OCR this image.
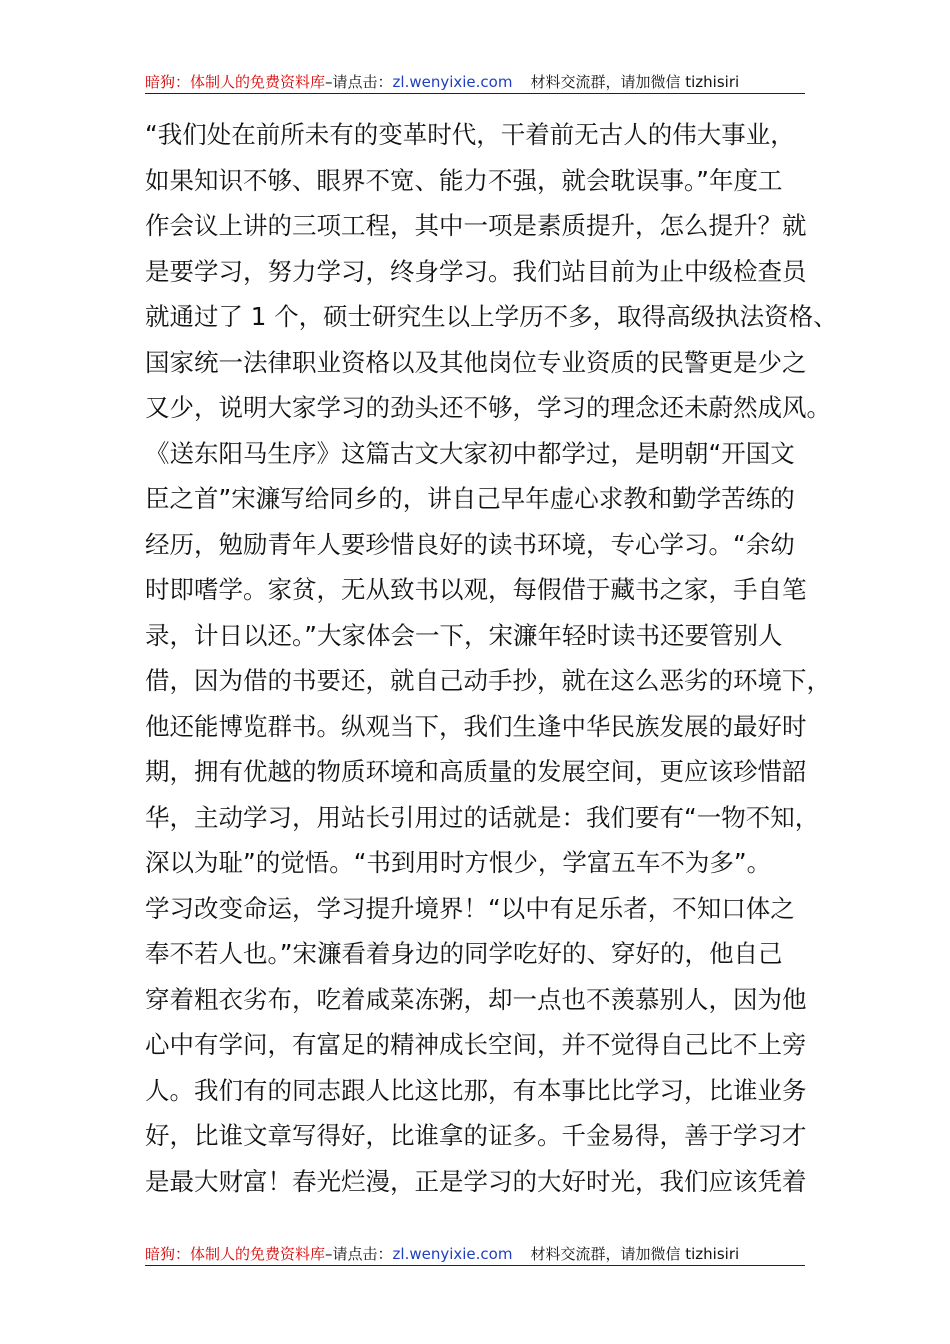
暗狗：体制人的免费资料库 –请点击： zl.wenyixie.com 材料交流群，请加微信 tizhisiri
“我们处在前所未有的变革时代，干着前无古人的伟大事业，
如果知识不够、眼界不宽、能力不强，就会耽误事。”年度工
作会议上讲的三项工程，其中一项是素质提升，怎么提升？就
是要学习，努力学习，终身学习。我们站目前为止中级检查员
就通过了 1 个，硕士研究生以上学历不多，取得高级执法资格、
国家统一法律职业资格以及其他岗位专业资质的民警更是少之
又少，说明大家学习的劲头还不够，学习的理念还未蔚然成风。
《送东阳马生序》这篇古文大家初中都学过，是明朝“开国文
臣之首”宋濂写给同乡的，讲自己早年虚心求教和勤学苦练的
经历，勉励青年人要珍惜良好的读书环境，专心学习。“余幼
时即嗜学。家贫，无从致书以观，每假借于藏书之家，手自笔
录，计日以还。”大家体会一下，宋濂年轻时读书还要管别人
借，因为借的书要还，就自己动手抄，就在这么恶劣的环境下，
他还能博览群书。纵观当下，我们生逢中华民族发展的最好时
期，拥有优越的物质环境和高质量的发展空间，更应该珍惜韶
华，主动学习，用站长引用过的话就是：我们要有“一物不知，
深以为耻”的觉悟。“书到用时方恨少，学富五车不为多”。
学习改变命运，学习提升境界！“以中有足乐者，不知口体之
奉不若人也。”宋濂看着身边的同学吃好的、穿好的，他自己
穿着粗衣劣布，吃着咸菜冻粥，却一点也不羡慕别人，因为他
心中有学问，有富足的精神成长空间，并不觉得自己比不上旁
人。我们有的同志跟人比这比那，有本事比比学习，比谁业务
好，比谁文章写得好，比谁拿的证多。千金易得，善于学习才
是最大财富！春光烂漫，正是学习的大好时光，我们应该凭着
暗狗：体制人的免费资料库 –请点击： zl.wenyixie.com 材料交流群，请加微信 tizhisiri
